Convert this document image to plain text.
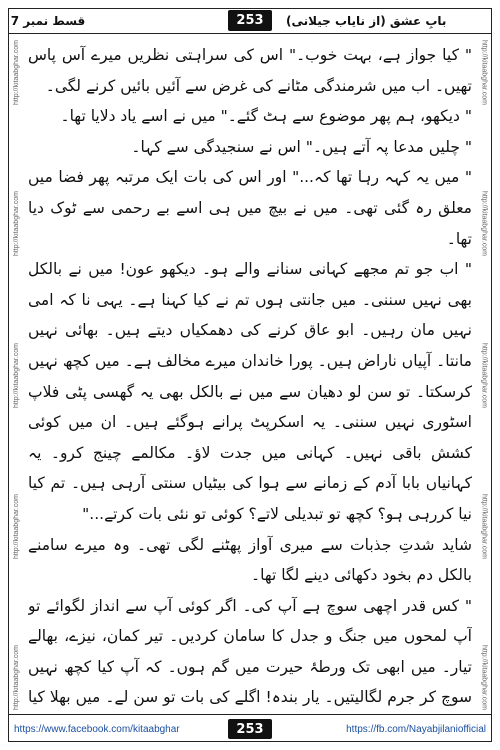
قسط نمبر 7	253	بابِ عشق (از نایاب جیلانی)
http://kitaabghar.com
http://kitaabghar.com
http://kitaabghar.com
http://kitaabghar.com
http://kitaabghar.com
http://kitaabghar.com
http://kitaabghar.com
http://kitaabghar.com
http://kitaabghar.com
http://kitaabghar.com

" کیا جواز ہے، بہت خوب۔" اس کی سراہتی نظریں میرے آس پاس تھیں۔ اب میں شرمندگی مٹانے کی غرض سے آئیں بائیں کرنے لگی۔

" دیکھو، ہم پھر موضوع سے ہٹ گئے۔" میں نے اسے یاد دلایا تھا۔

" چلیں مدعا پہ آتے ہیں۔" اس نے سنجیدگی سے کہا۔

" میں یہ کہہ رہا تھا کہ..." اور اس کی بات ایک مرتبہ پھر فضا میں معلق رہ گئی تھی۔ میں نے بیچ میں ہی اسے بے رحمی سے ٹوک دیا تھا۔

" اب جو تم مجھے کہانی سنانے والے ہو۔ دیکھو عون! میں نے بالکل بھی نہیں سننی۔ میں جانتی ہوں تم نے کیا کہنا ہے۔ یہی نا کہ امی نہیں مان رہیں۔ ابو عاق کرنے کی دھمکیاں دیتے ہیں۔ بھائی نہیں مانتا۔ آپیاں ناراض ہیں۔ پورا خاندان میرے مخالف ہے۔ میں کچھ نہیں کرسکتا۔ تو سن لو دھیان سے میں نے بالکل بھی یہ گھسی پٹی فلاپ اسٹوری نہیں سننی۔ یہ اسکرپٹ پرانے ہوگئے ہیں۔ ان میں کوئی کشش باقی نہیں۔ کہانی میں جدت لاؤ۔ مکالمے چینج کرو۔ یہ کہانیاں بابا آدم کے زمانے سے ہوا کی بیٹیاں سنتی آرہی ہیں۔ تم کیا نیا کررہی ہو؟ کچھ تو تبدیلی لاتے؟ کوئی تو نئی بات کرتے..."

شاید شدتِ جذبات سے میری آواز پھٹنے لگی تھی۔ وہ میرے سامنے بالکل دم بخود دکھائی دینے لگا تھا۔

" کس قدر اچھی سوچ ہے آپ کی۔ اگر کوئی آپ سے انداز لگوائے تو آپ لمحوں میں جنگ و جدل کا سامان کردیں۔ تیر کمان، نیزے، بھالے تیار۔ میں ابھی تک ورطۂ حیرت میں گم ہوں۔ کہ آپ کیا کچھ نہیں سوچ کر جرم لگالیتیں۔ یار بندہ! اگلے کی بات تو سن لے۔ میں بھلا کیا

https://www.facebook.com/kitaabghar	253	https://fb.com/Nayabjilaniofficial
